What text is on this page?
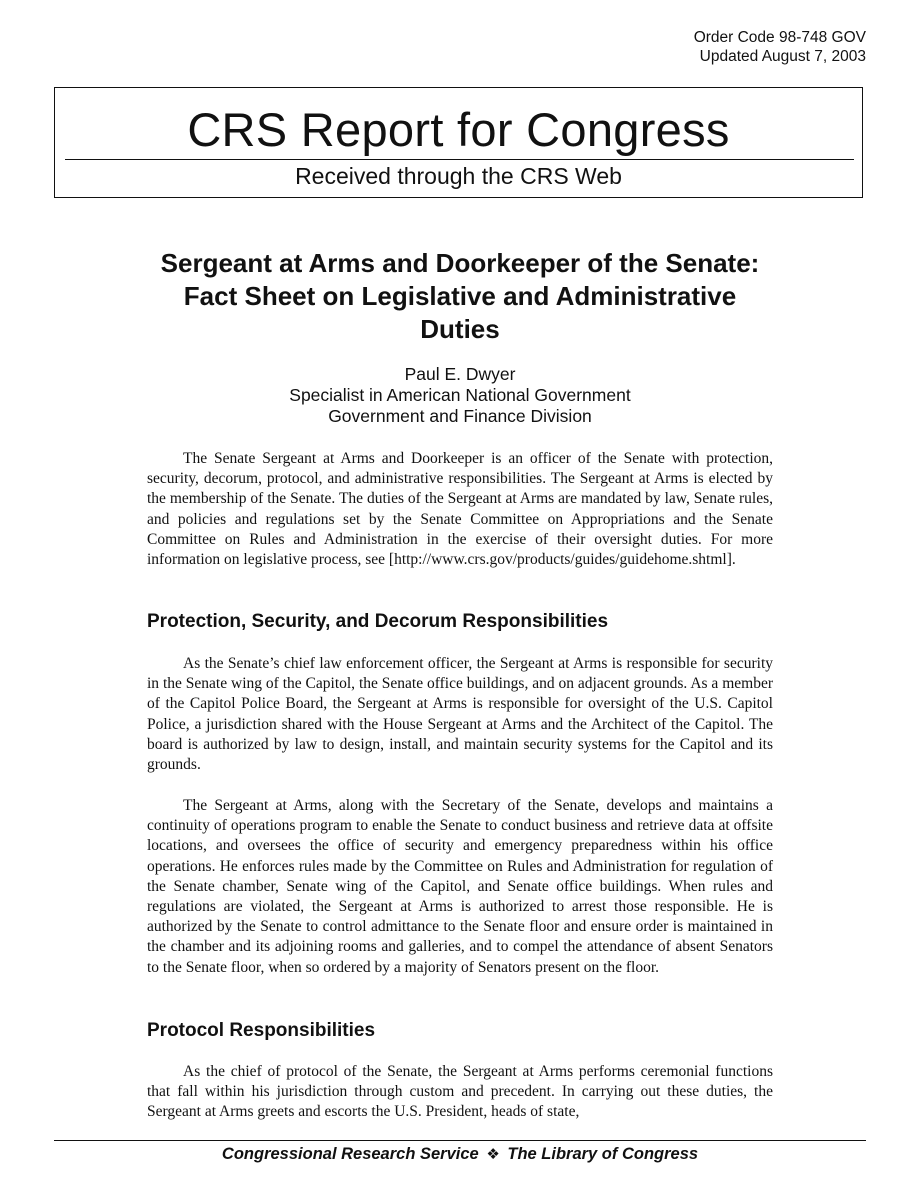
Order Code 98-748 GOV
Updated August 7, 2003
CRS Report for Congress
Received through the CRS Web
Sergeant at Arms and Doorkeeper of the Senate: Fact Sheet on Legislative and Administrative Duties
Paul E. Dwyer
Specialist in American National Government
Government and Finance Division

The Senate Sergeant at Arms and Doorkeeper is an officer of the Senate with protection, security, decorum, protocol, and administrative responsibilities. The Sergeant at Arms is elected by the membership of the Senate. The duties of the Sergeant at Arms are mandated by law, Senate rules, and policies and regulations set by the Senate Committee on Appropriations and the Senate Committee on Rules and Administration in the exercise of their oversight duties. For more information on legislative process, see [http://www.crs.gov/products/guides/guidehome.shtml].

Protection, Security, and Decorum Responsibilities

As the Senate’s chief law enforcement officer, the Sergeant at Arms is responsible for security in the Senate wing of the Capitol, the Senate office buildings, and on adjacent grounds. As a member of the Capitol Police Board, the Sergeant at Arms is responsible for oversight of the U.S. Capitol Police, a jurisdiction shared with the House Sergeant at Arms and the Architect of the Capitol. The board is authorized by law to design, install, and maintain security systems for the Capitol and its grounds.

The Sergeant at Arms, along with the Secretary of the Senate, develops and maintains a continuity of operations program to enable the Senate to conduct business and retrieve data at offsite locations, and oversees the office of security and emergency preparedness within his office operations. He enforces rules made by the Committee on Rules and Administration for regulation of the Senate chamber, Senate wing of the Capitol, and Senate office buildings. When rules and regulations are violated, the Sergeant at Arms is authorized to arrest those responsible. He is authorized by the Senate to control admittance to the Senate floor and ensure order is maintained in the chamber and its adjoining rooms and galleries, and to compel the attendance of absent Senators to the Senate floor, when so ordered by a majority of Senators present on the floor.

Protocol Responsibilities

As the chief of protocol of the Senate, the Sergeant at Arms performs ceremonial functions that fall within his jurisdiction through custom and precedent. In carrying out these duties, the Sergeant at Arms greets and escorts the U.S. President, heads of state,

Congressional Research Service ❖ The Library of Congress
